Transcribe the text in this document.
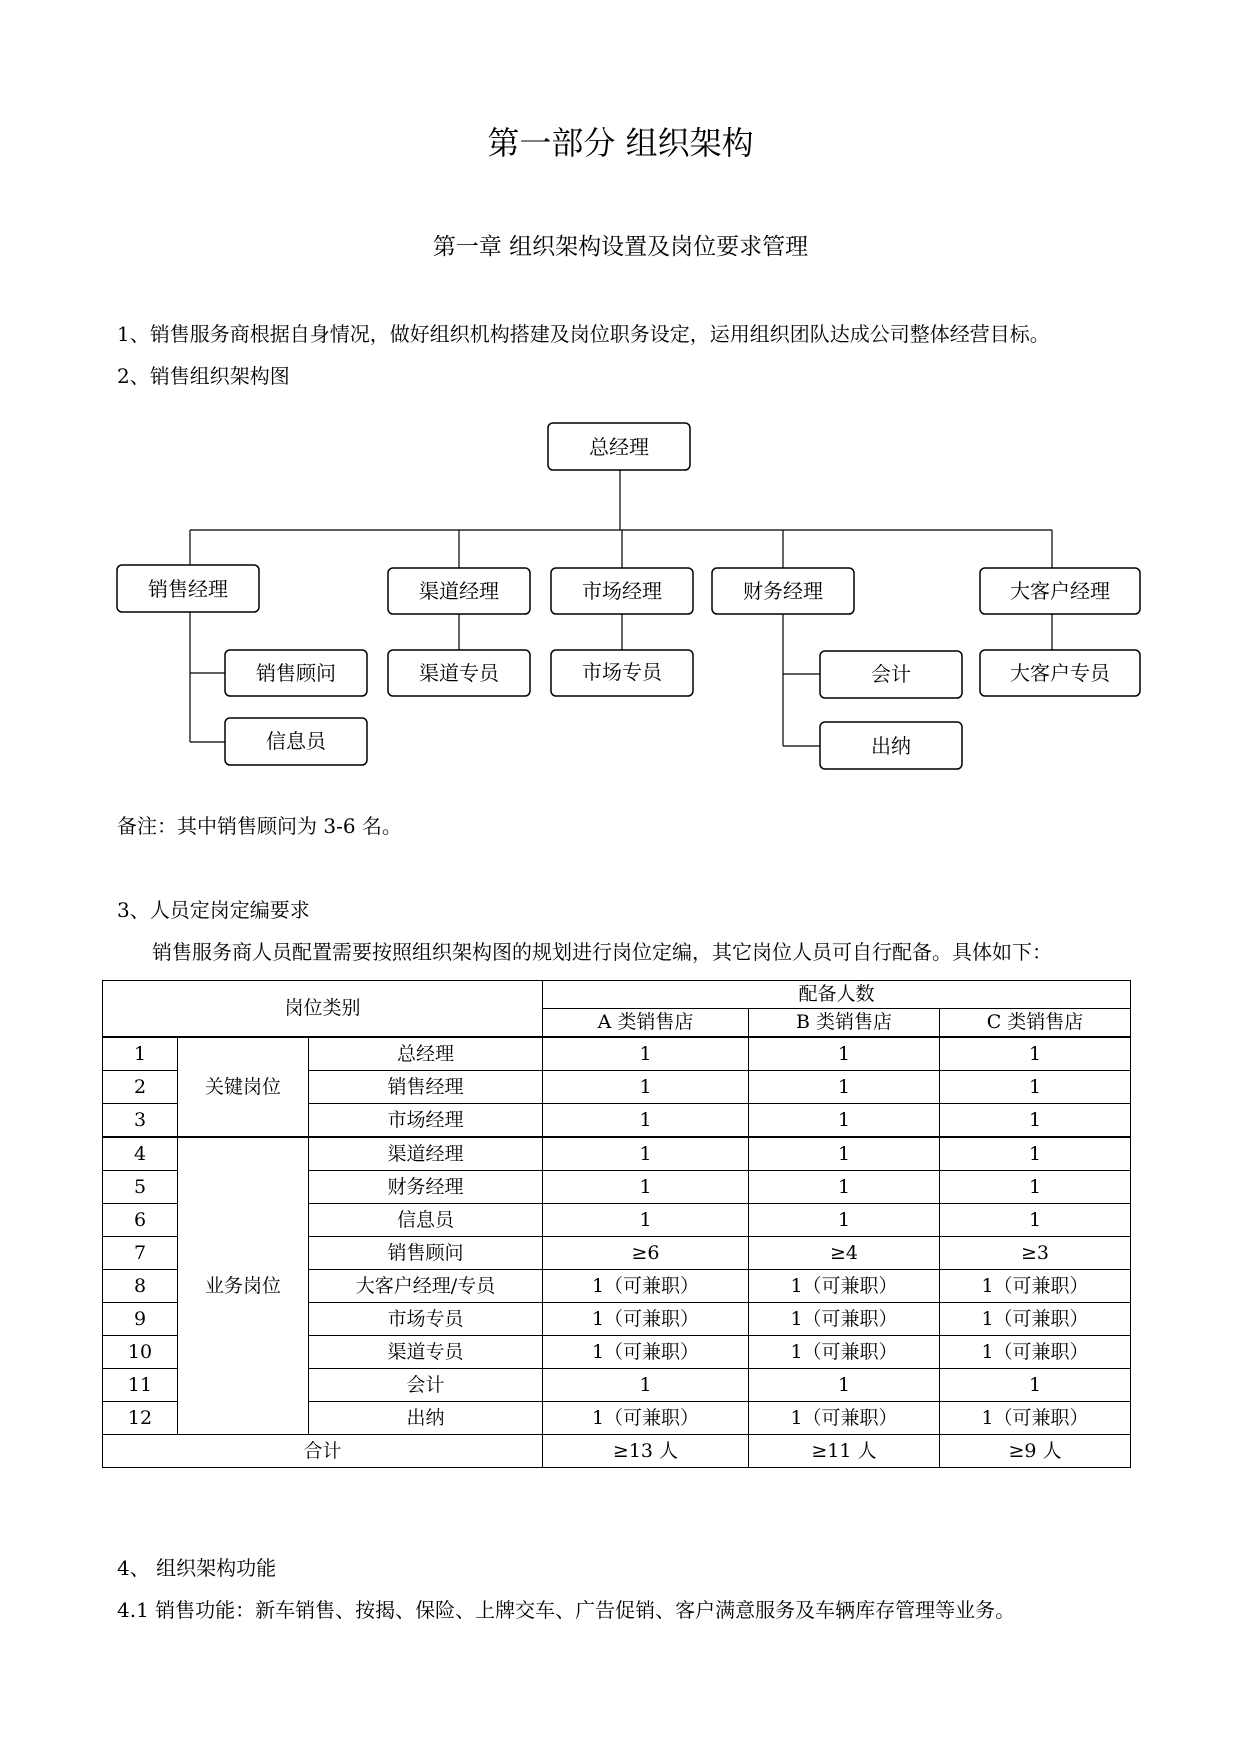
第一部分 组织架构
第一章 组织架构设置及岗位要求管理
1、销售服务商根据自身情况，做好组织机构搭建及岗位职务设定，运用组织团队达成公司整体经营目标。
2、销售组织架构图
总经理
销售经理	渠道经理	市场经理	财务经理	大客户经理
销售顾问
信息员
渠道专员	市场专员	会计
出纳
大客户专员
备注：其中销售顾问为 3-6 名。
3、人员定岗定编要求
销售服务商人员配置需要按照组织架构图的规划进行岗位定编，其它岗位人员可自行配备。具体如下：
岗位类别			配备人数		
			A 类销售店	B 类销售店	C 类销售店
1	关键岗位	总经理	1	1	1
2		销售经理	1	1	1
3		市场经理	1	1	1
4	业务岗位	渠道经理	1	1	1
5		财务经理	1	1	1
6		信息员	1	1	1
7		销售顾问	≥6	≥4	≥3
8		大客户经理/专员	1（可兼职）	1（可兼职）	1（可兼职）
9		市场专员	1（可兼职）	1（可兼职）	1（可兼职）
10		渠道专员	1（可兼职）	1（可兼职）	1（可兼职）
11		会计	1	1	1
12		出纳	1（可兼职）	1（可兼职）	1（可兼职）
合计			≥13 人	≥11 人	≥9 人
4、 组织架构功能
4.1 销售功能：新车销售、按揭、保险、上牌交车、广告促销、客户满意服务及车辆库存管理等业务。
